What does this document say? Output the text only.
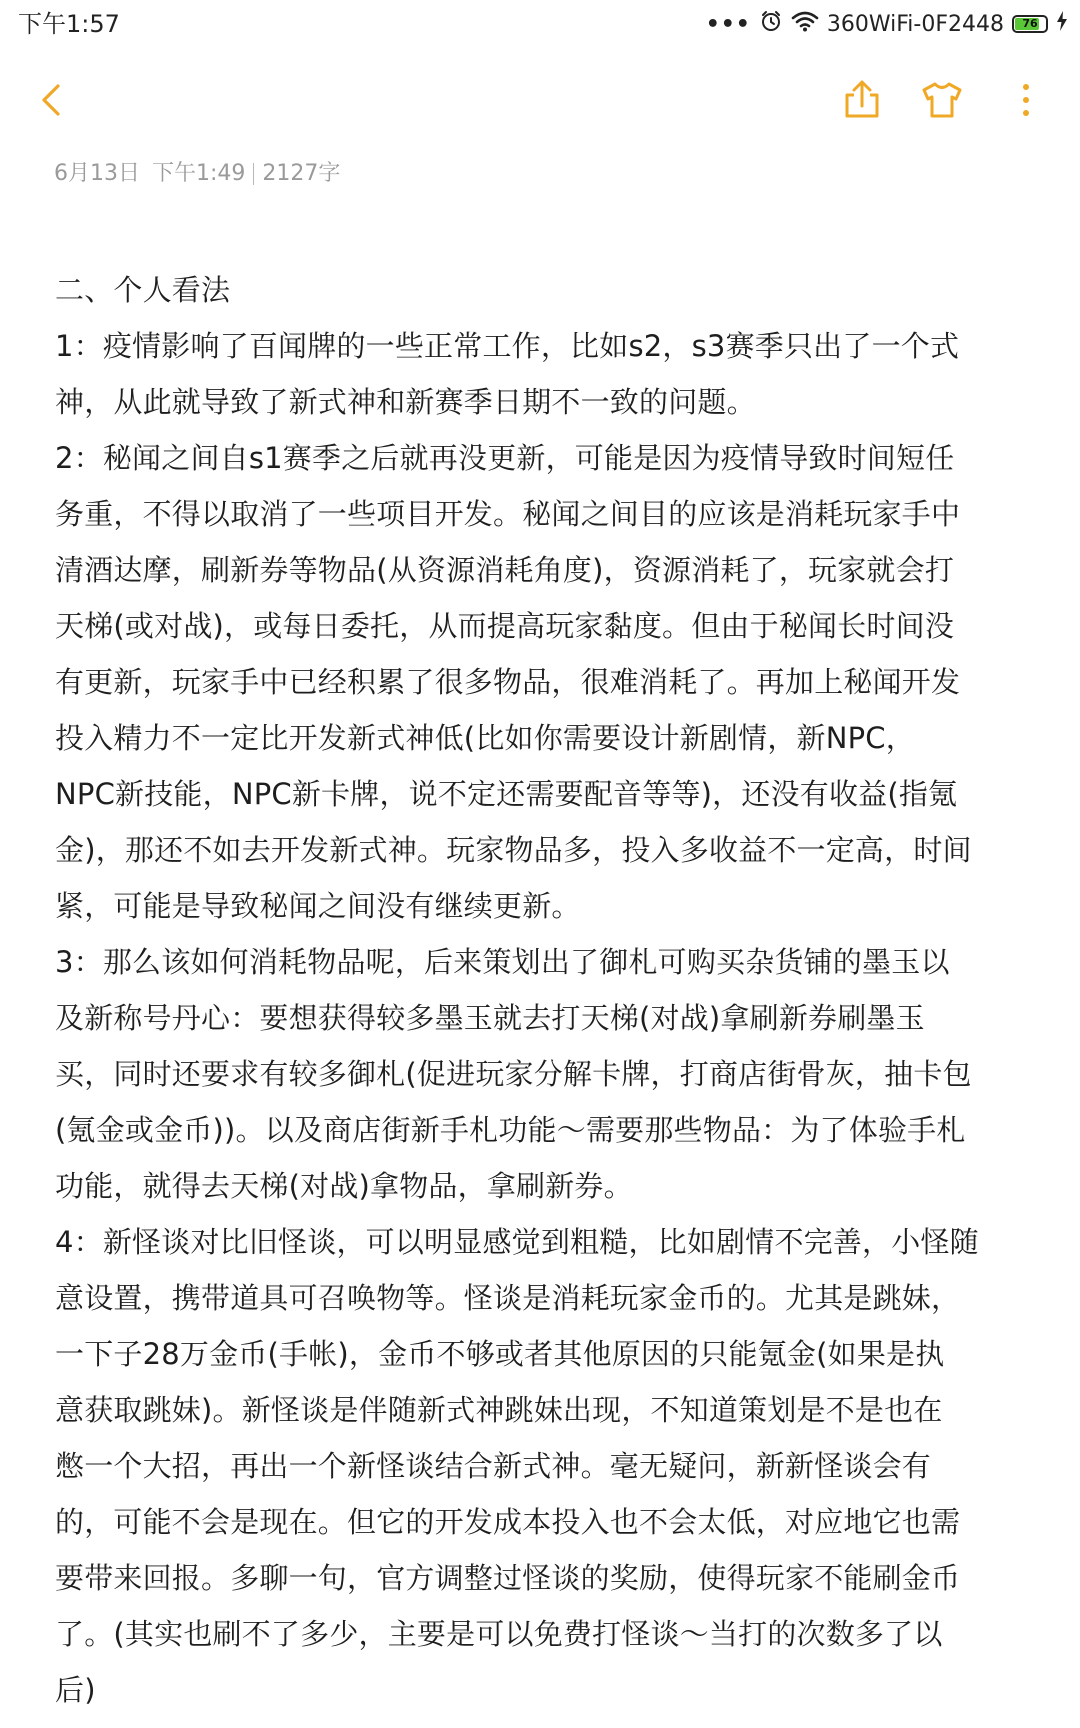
下午1:57	•••	360WiFi-0F2448 76
6月13日 下午1:49 2127字
二、个人看法
1：疫情影响了百闻牌的一些正常工作，比如s2，s3赛季只出了一个式
神，从此就导致了新式神和新赛季日期不一致的问题。
2：秘闻之间自s1赛季之后就再没更新，可能是因为疫情导致时间短任
务重，不得以取消了一些项目开发。秘闻之间目的应该是消耗玩家手中
清酒达摩，刷新券等物品(从资源消耗角度)，资源消耗了，玩家就会打
天梯(或对战)，或每日委托，从而提高玩家黏度。但由于秘闻长时间没
有更新，玩家手中已经积累了很多物品，很难消耗了。再加上秘闻开发
投入精力不一定比开发新式神低(比如你需要设计新剧情，新NPC，
NPC新技能，NPC新卡牌，说不定还需要配音等等)，还没有收益(指氪
金)，那还不如去开发新式神。玩家物品多，投入多收益不一定高，时间
紧，可能是导致秘闻之间没有继续更新。
3：那么该如何消耗物品呢，后来策划出了御札可购买杂货铺的墨玉以
及新称号丹心：要想获得较多墨玉就去打天梯(对战)拿刷新券刷墨玉
买，同时还要求有较多御札(促进玩家分解卡牌，打商店街骨灰，抽卡包
(氪金或金币))。以及商店街新手札功能～需要那些物品：为了体验手札
功能，就得去天梯(对战)拿物品，拿刷新券。
4：新怪谈对比旧怪谈，可以明显感觉到粗糙，比如剧情不完善，小怪随
意设置，携带道具可召唤物等。怪谈是消耗玩家金币的。尤其是跳妹，
一下子28万金币(手帐)，金币不够或者其他原因的只能氪金(如果是执
意获取跳妹)。新怪谈是伴随新式神跳妹出现，不知道策划是不是也在
憋一个大招，再出一个新怪谈结合新式神。毫无疑问，新新怪谈会有
的，可能不会是现在。但它的开发成本投入也不会太低，对应地它也需
要带来回报。多聊一句，官方调整过怪谈的奖励，使得玩家不能刷金币
了。(其实也刷不了多少，主要是可以免费打怪谈～当打的次数多了以
后)
